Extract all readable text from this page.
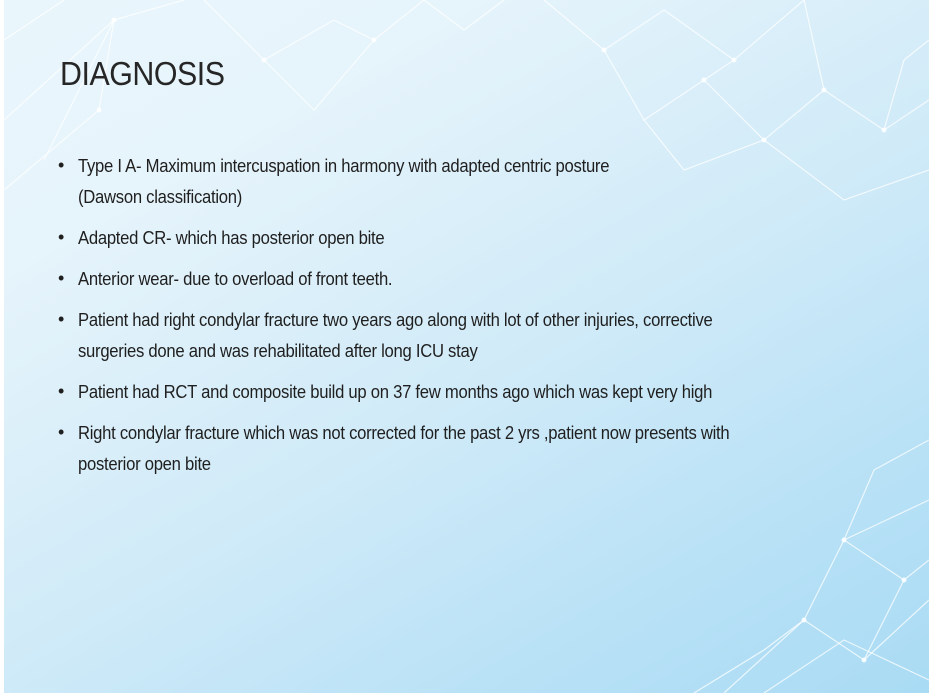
DIAGNOSIS
• Type I A- Maximum intercuspation in harmony with adapted centric posture
(Dawson classification)
• Adapted CR- which has posterior open bite
• Anterior wear- due to overload of front teeth.
• Patient had right condylar fracture two years ago along with lot of other injuries, corrective
surgeries done and was rehabilitated after long ICU stay
• Patient had RCT and composite build up on 37 few months ago which was kept very high
• Right condylar fracture which was not corrected for the past 2 yrs ,patient now presents with
posterior open bite
